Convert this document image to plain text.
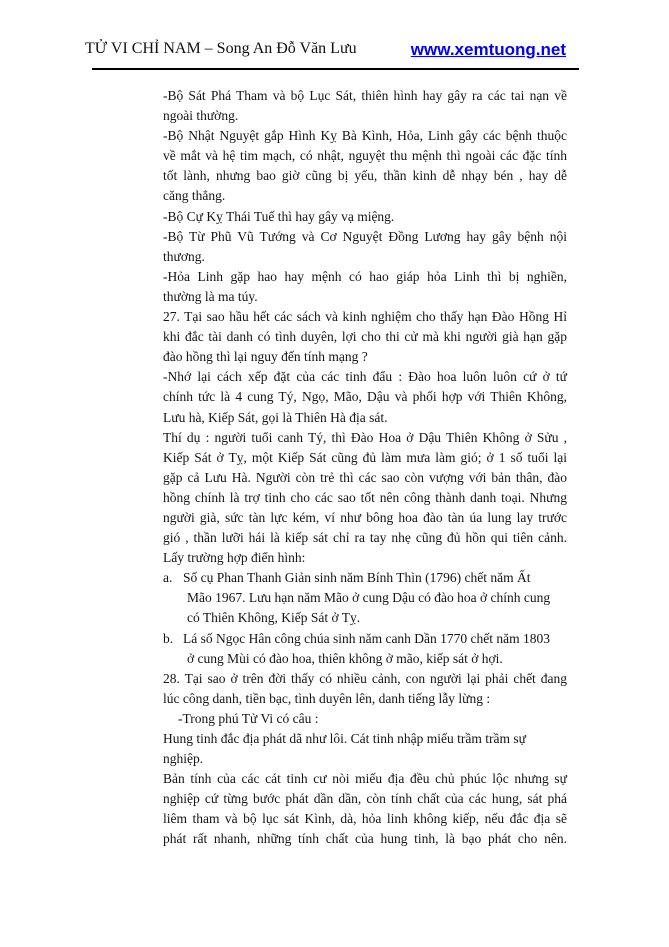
TỬ VI CHỈ NAM – Song An Đỗ Văn Lưu	www.xemtuong.net
-Bộ Sát Phá Tham và bộ Lục Sát, thiên hình hay gây ra các tai nạn về
ngoài thường.
-Bộ Nhật Nguyệt gắp Hình Kỵ Bà Kình, Hỏa, Linh gây các bệnh thuộc
về mắt và hệ tim mạch, có nhật, nguyệt thu mệnh thì ngoài các đặc tính
tốt lành, nhưng bao giờ cũng bị yếu, thần kinh dễ nhạy bén , hay dễ
căng thẳng.
-Bộ Cự Kỵ Thái Tuế thì hay gây vạ miệng.
-Bộ Từ Phũ Vũ Tướng và Cơ Nguyệt Đồng Lương hay gây bệnh nội
thương.
-Hỏa Linh gặp hao hay mệnh có hao giáp hỏa Linh thì bị nghiền,
thường là ma túy.
27. Tại sao hầu hết các sách và kinh nghiệm cho thấy hạn Đào Hồng Hỉ
khi đắc tài danh có tình duyên, lợi cho thi cử mà khi người già hạn gặp
đào hồng thì lại nguy đến tính mạng ?
-Nhớ lại cách xếp đặt của các tinh đẩu : Đào hoa luôn luôn cứ ở tứ
chính tức là 4 cung Tý, Ngọ, Mão, Dậu và phối hợp với Thiên Không,
Lưu hà, Kiếp Sát, gọi là Thiên Hà địa sát.
Thí dụ : người tuổi canh Tý, thì Đào Hoa ở Dậu Thiên Không ở Sửu ,
Kiếp Sát ở Tỵ, một Kiếp Sát cũng đủ làm mưa làm gió; ở 1 số tuổi lại
gặp cả Lưu Hà. Người còn trẻ thì các sao còn vượng với bản thân, đào
hồng chính là trợ tinh cho các sao tốt nên công thành danh toại. Nhưng
người già, sức tàn lực kém, ví như bông hoa đào tàn úa lung lay trước
gió , thần lưỡi hái là kiếp sát chỉ ra tay nhẹ cũng đủ hồn qui tiên cảnh.
Lấy trường hợp điển hình:
a. Số cụ Phan Thanh Giản sinh năm Bính Thìn (1796) chết năm Ất
Mão 1967. Lưu hạn năm Mão ở cung Dậu có đào hoa ở chính cung
có Thiên Không, Kiếp Sát ở Tỵ.
b. Lá số Ngọc Hân công chúa sinh năm canh Dần 1770 chết năm 1803
ở cung Mùi có đào hoa, thiên không ở mão, kiếp sát ở hợi.
28. Tại sao ở trên đời thấy có nhiều cảnh, con người lại phải chết đang
lúc công danh, tiền bạc, tình duyên lên, danh tiếng lẫy lừng :
-Trong phú Tử Vi có câu :
Hung tinh đắc địa phát dã như lôi. Cát tinh nhập miếu trầm trầm sự
nghiệp.
Bản tính của các cát tinh cư nòi miếu địa đều chủ phúc lộc nhưng sự
nghiệp cứ từng bước phát dần dần, còn tính chất của các hung, sát phá
liêm tham và bộ lục sát Kình, dà, hỏa linh không kiếp, nếu đắc địa sẽ
phát rất nhanh, những tính chất của hung tinh, là bạo phát cho nên.
